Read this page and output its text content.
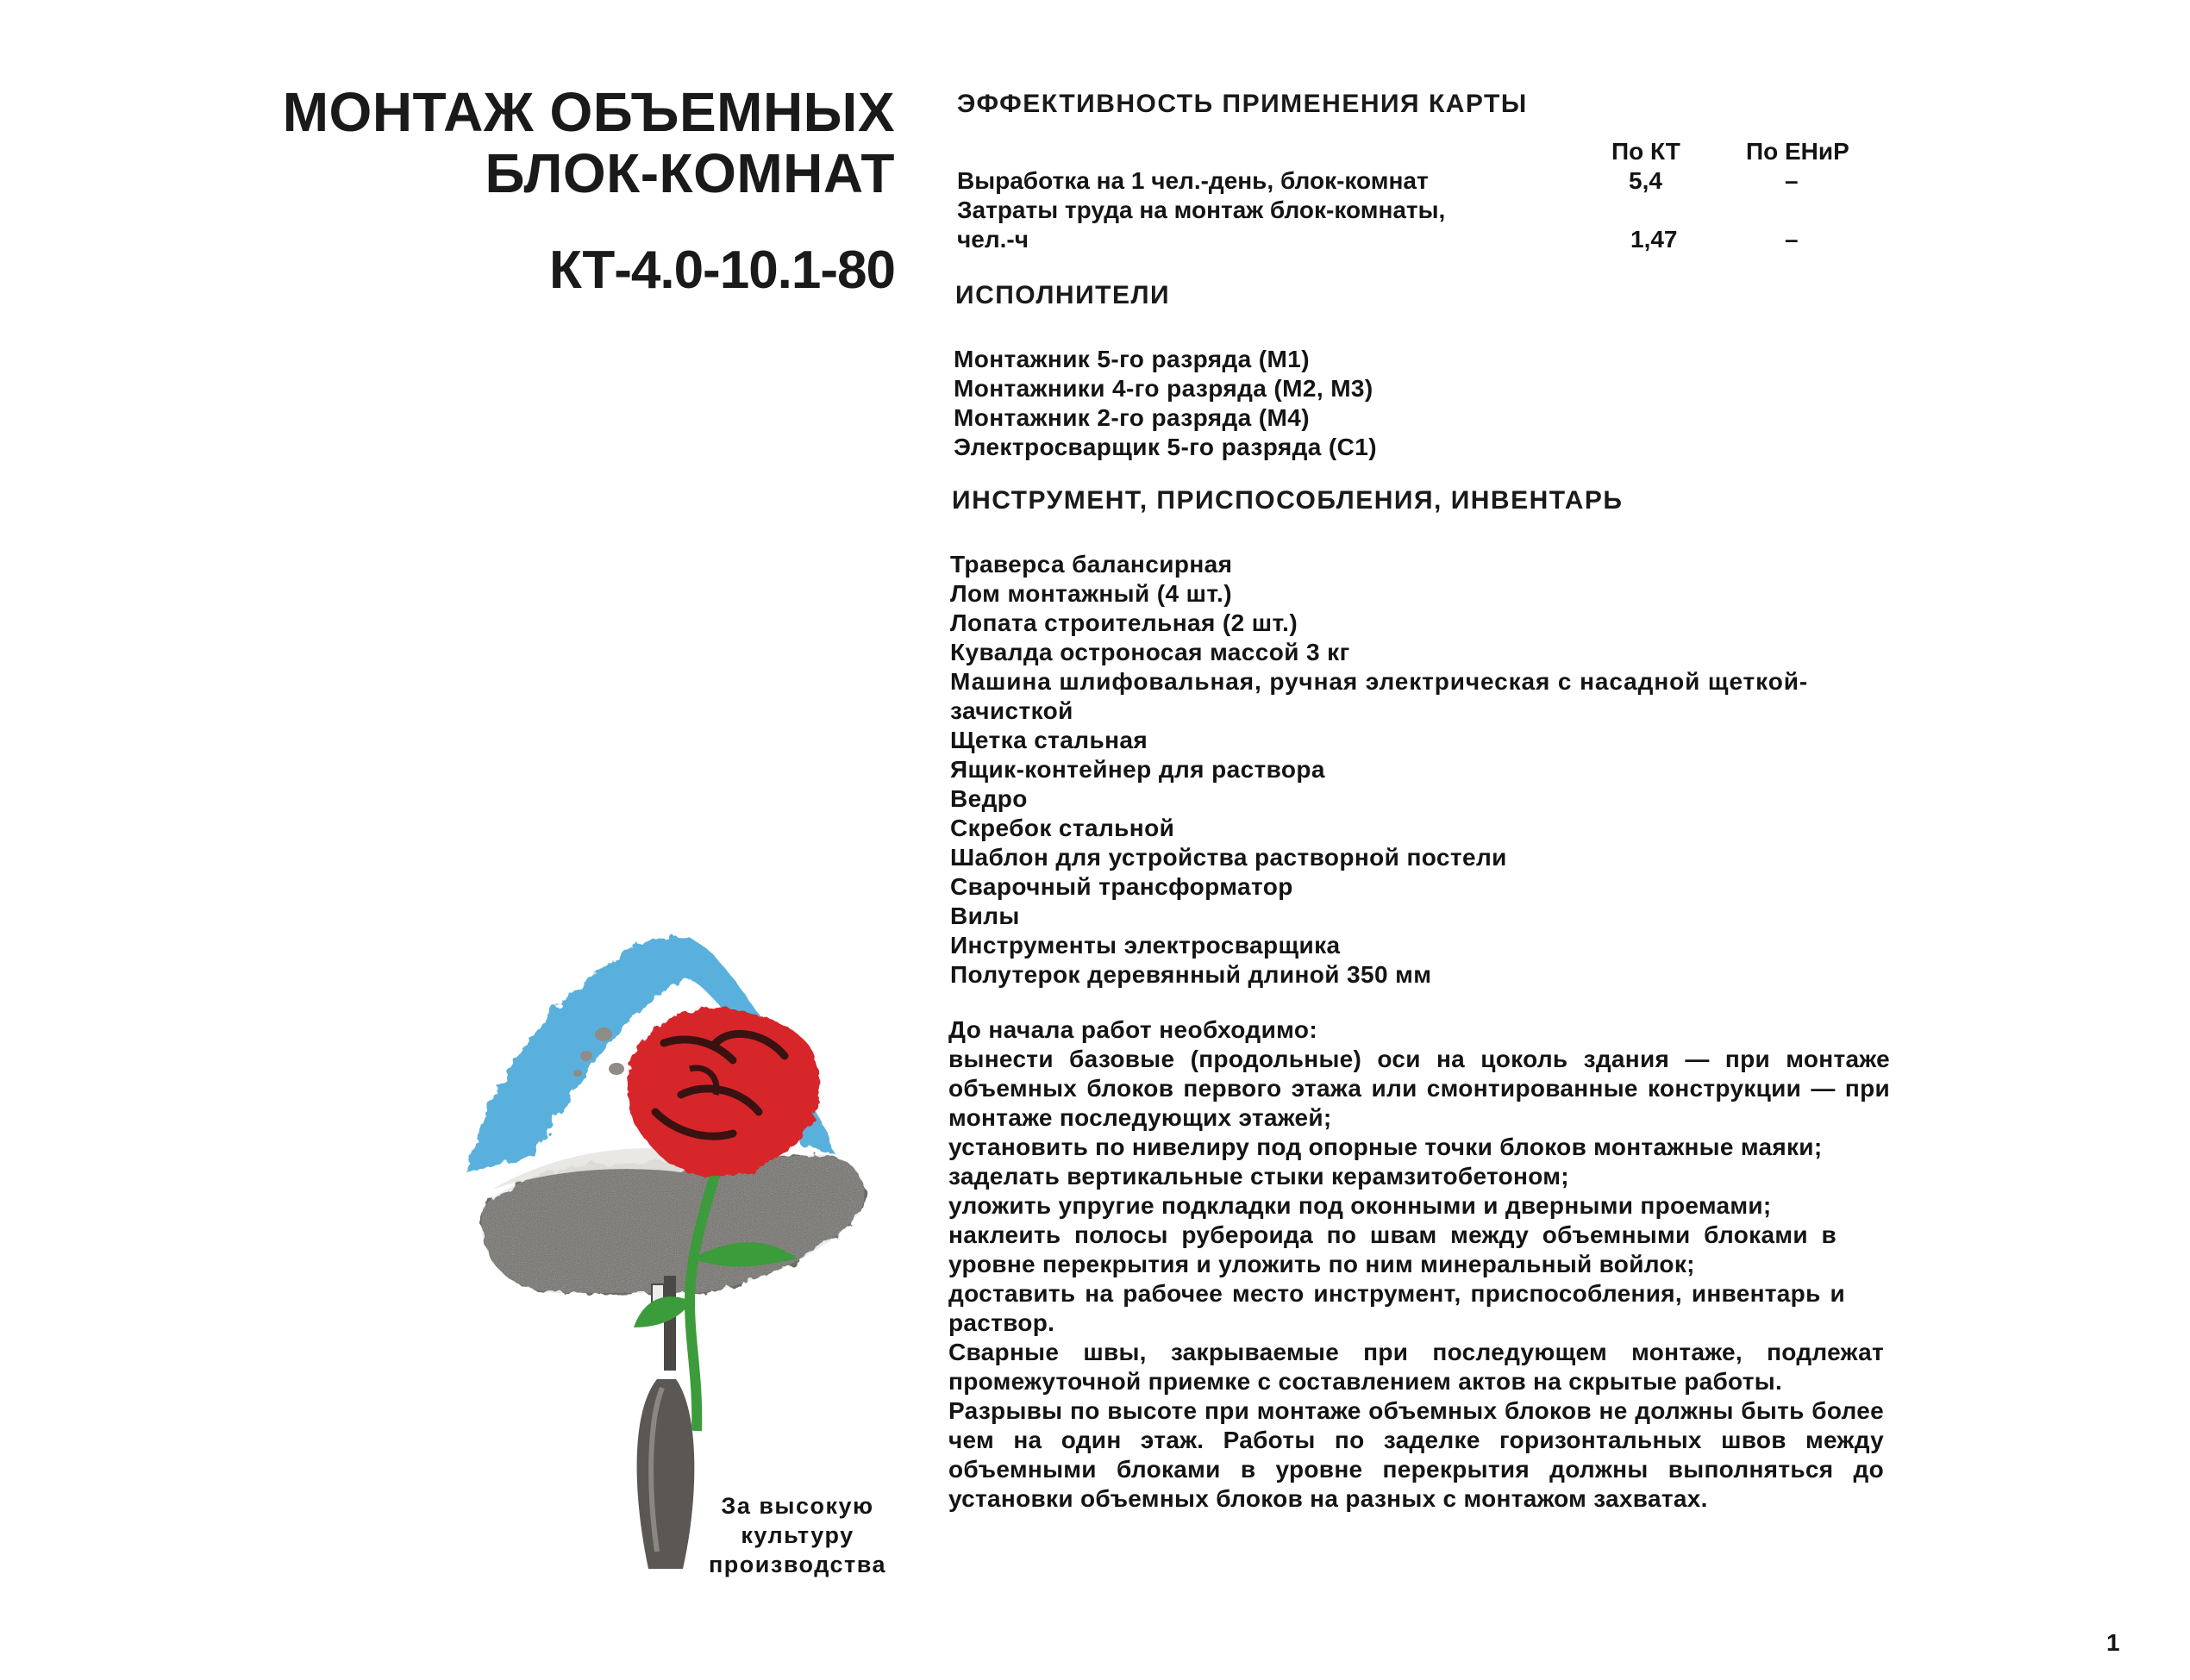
МОНТАЖ ОБЪЕМНЫХ
БЛОК-КОМНАТ
КТ-4.0-10.1-80
За высокую
культуру
производства
ЭФФЕКТИВНОСТЬ ПРИМЕНЕНИЯ КАРТЫ
По КТ	По ЕНиР
Выработка на 1 чел.-день, блок-комнат	5,4	–
Затраты труда на монтаж блок-комнаты,
чел.-ч	1,47	–
ИСПОЛНИТЕЛИ
Монтажник 5-го разряда (М1)
Монтажники 4-го разряда (М2, М3)
Монтажник 2-го разряда (М4)
Электросварщик 5-го разряда (С1)
ИНСТРУМЕНТ, ПРИСПОСОБЛЕНИЯ, ИНВЕНТАРЬ
Траверса балансирная
Лом монтажный (4 шт.)
Лопата строительная (2 шт.)
Кувалда остроносая массой 3 кг
Машина шлифовальная, ручная электрическая с насадной щеткой-
зачисткой
Щетка стальная
Ящик-контейнер для раствора
Ведро
Скребок стальной
Шаблон для устройства растворной постели
Сварочный трансформатор
Вилы
Инструменты электросварщика
Полутерок деревянный длиной 350 мм
До начала работ необходимо:
вынести базовые (продольные) оси на цоколь здания — при монтаже объемных блоков первого этажа или смонтированные конструкции — при монтаже последующих этажей;
установить по нивелиру под опорные точки блоков монтажные маяки;
заделать вертикальные стыки керамзитобетоном;
уложить упругие подкладки под оконными и дверными проемами;
наклеить полосы рубероида по швам между объемными блоками в уровне перекрытия и уложить по ним минеральный войлок;
доставить на рабочее место инструмент, приспособления, инвентарь и раствор.
Сварные швы, закрываемые при последующем монтаже, подлежат промежуточной приемке с составлением актов на скрытые работы.
Разрывы по высоте при монтаже объемных блоков не должны быть более чем на один этаж. Работы по заделке горизонтальных швов между объемными блоками в уровне перекрытия должны выполняться до установки объемных блоков на разных с монтажом захватах.
1
